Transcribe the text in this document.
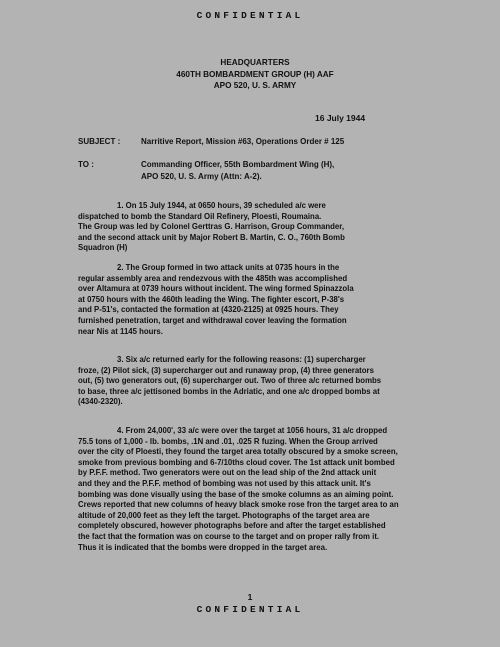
CONFIDENTIAL
HEADQUARTERS
460TH BOMBARDMENT GROUP (H) AAF
APO 520, U. S. ARMY
16 July 1944
SUBJECT :	Narritive Report, Mission #63, Operations Order # 125
TO :	Commanding Officer, 55th Bombardment Wing (H),
APO 520, U. S. Army (Attn: A-2).
1. On 15 July 1944, at 0650 hours, 39 scheduled a/c were
dispatched to bomb the Standard Oil Refinery, Ploesti, Roumaina.
The Group was led by Colonel Gerttras G. Harrison, Group Commander,
and the second attack unit by Major Robert B. Martin, C. O., 760th Bomb
Squadron (H)
2. The Group formed in two attack units at 0735 hours in the
regular assembly area and rendezvous with the 485th was accomplished
over Altamura at 0739 hours without incident. The wing formed Spinazzola
at 0750 hours with the 460th leading the Wing. The fighter escort, P-38's
and P-51's, contacted the formation at (4320-2125) at 0925 hours. They
furnished penetration, target and withdrawal cover leaving the formation
near Nis at 1145 hours.
3. Six a/c returned early for the following reasons: (1) supercharger
froze, (2) Pilot sick, (3) supercharger out and runaway prop, (4) three generators
out, (5) two generators out, (6) supercharger out. Two of three a/c returned bombs
to base, three a/c jettisoned bombs in the Adriatic, and one a/c dropped bombs at
(4340-2320).
4. From 24,000', 33 a/c were over the target at 1056 hours, 31 a/c dropped
75.5 tons of 1,000 - lb. bombs, .1N and .01, .025 R fuzing. When the Group arrived
over the city of Ploesti, they found the target area totally obscured by a smoke screen,
smoke from previous bombing and 6-7/10ths cloud cover. The 1st attack unit bombed
by P.F.F. method. Two generators were out on the lead ship of the 2nd attack unit
and they and the P.F.F. method of bombing was not used by this attack unit. It's
bombing was done visually using the base of the smoke columns as an aiming point.
Crews reported that new columns of heavy black smoke rose fron the target area to an
altitude of 20,000 feet as they left the target. Photographs of the target area are
completely obscured, however photographs before and after the target established
the fact that the formation was on course to the target and on proper rally from it.
Thus it is indicated that the bombs were dropped in the target area.
1
CONFIDENTIAL
